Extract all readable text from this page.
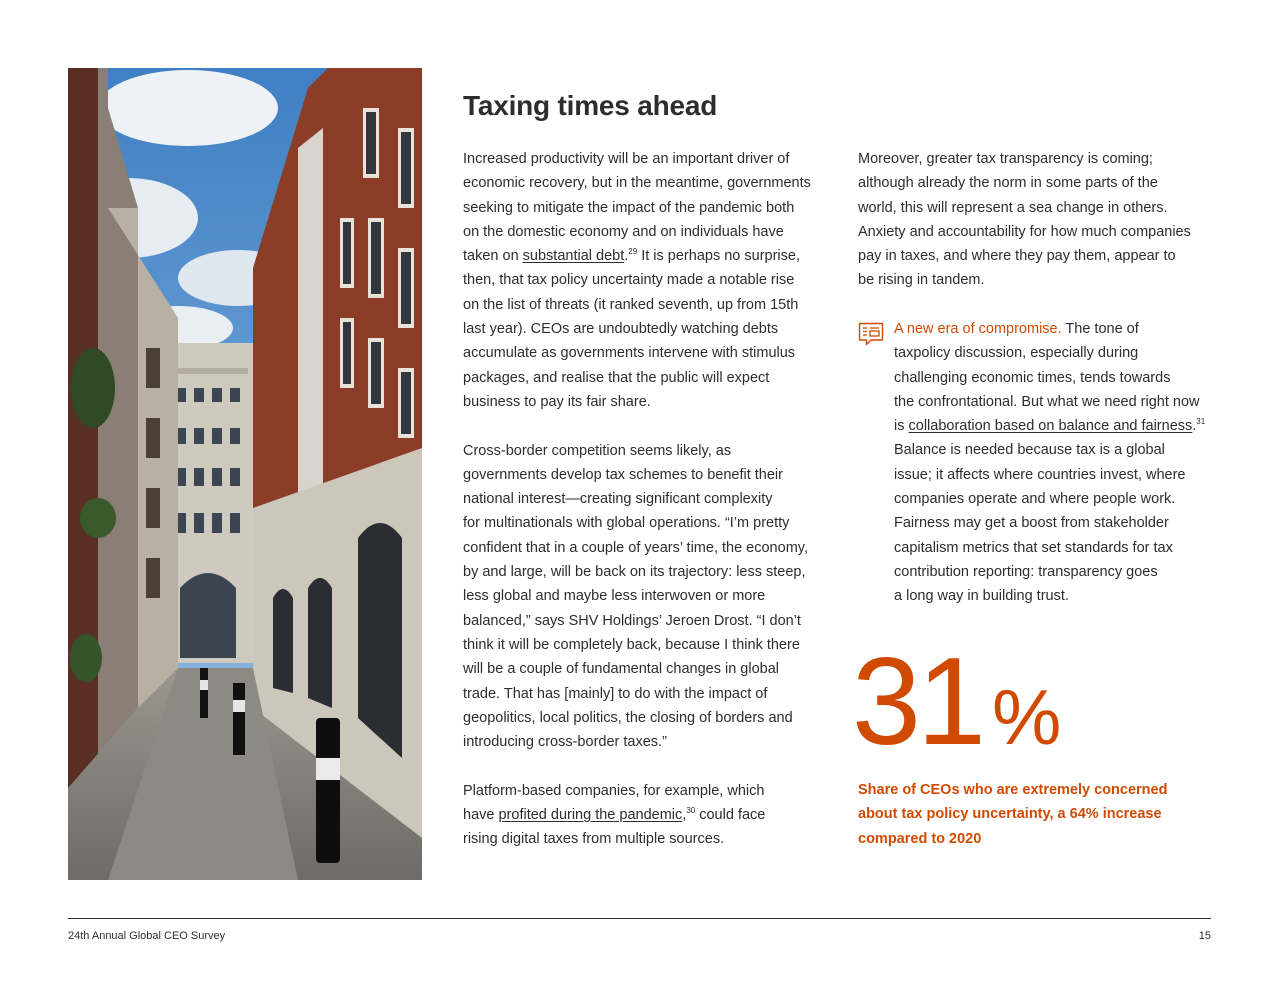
Taxing times ahead

Increased productivity will be an important driver of
economic recovery, but in the meantime, governments
seeking to mitigate the impact of the pandemic both
on the domestic economy and on individuals have
taken on substantial debt.$^{29}$ It is perhaps no surprise,
then, that tax policy uncertainty made a notable rise
on the list of threats (it ranked seventh, up from 15th
last year). CEOs are undoubtedly watching debts
accumulate as governments intervene with stimulus
packages, and realise that the public will expect
business to pay its fair share.

Cross-border competition seems likely, as
governments develop tax schemes to benefit their
national interest—creating significant complexity
for multinationals with global operations. “I’m pretty
confident that in a couple of years’ time, the economy,
by and large, will be back on its trajectory: less steep,
less global and maybe less interwoven or more
balanced,” says SHV Holdings’ Jeroen Drost. “I don’t
think it will be completely back, because I think there
will be a couple of fundamental changes in global
trade. That has [mainly] to do with the impact of
geopolitics, local politics, the closing of borders and
introducing cross-border taxes.”

Platform-based companies, for example, which
have profited during the pandemic,$^{30}$ could face
rising digital taxes from multiple sources.

Moreover, greater tax transparency is coming;
although already the norm in some parts of the
world, this will represent a sea change in others.
Anxiety and accountability for how much companies
pay in taxes, and where they pay them, appear to
be rising in tandem.

A new era of compromise. The tone of
taxpolicy discussion, especially during
challenging economic times, tends towards
the confrontational. But what we need right now
is collaboration based on balance and fairness.$^{31}$
Balance is needed because tax is a global
issue; it affects where countries invest, where
companies operate and where people work.
Fairness may get a boost from stakeholder
capitalism metrics that set standards for tax
contribution reporting: transparency goes
a long way in building trust.
31 %
Share of CEOs who are extremely concerned
about tax policy uncertainty, a 64% increase
compared to 2020
24th Annual Global CEO Survey	15
